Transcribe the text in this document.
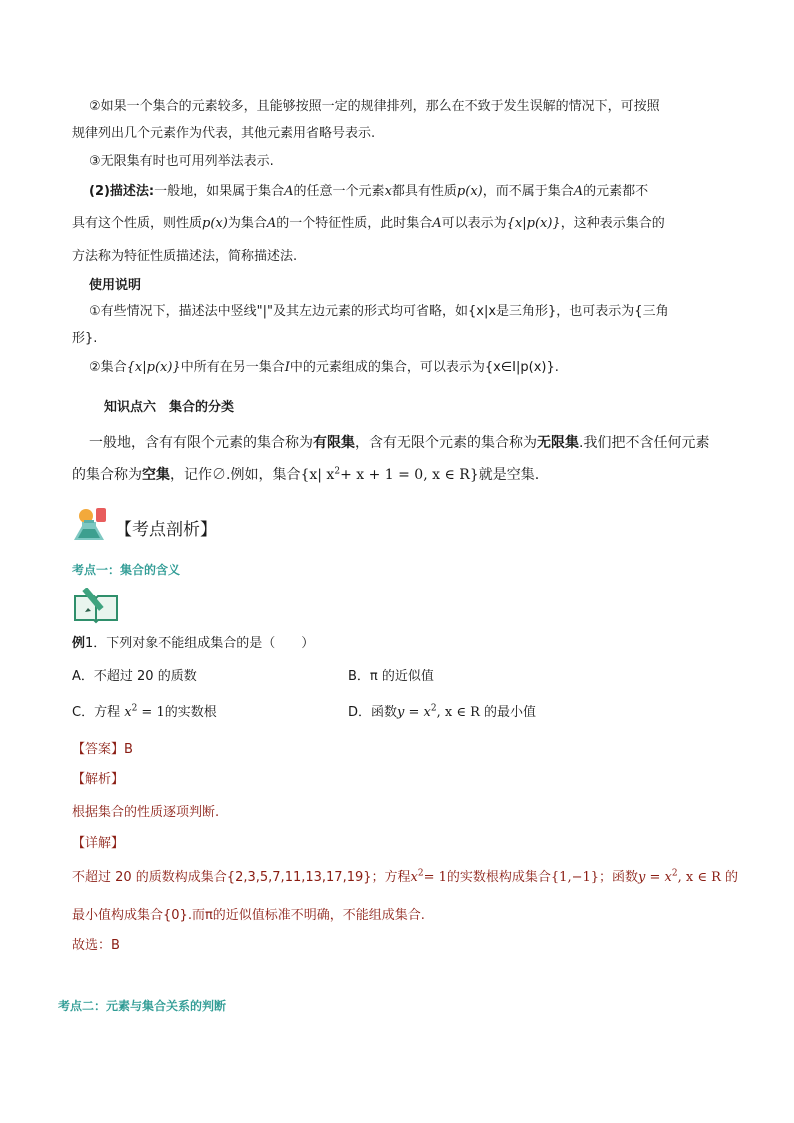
②如果一个集合的元素较多，且能够按照一定的规律排列，那么在不致于发生误解的情况下，可按照
规律列出几个元素作为代表，其他元素用省略号表示.
③无限集有时也可用列举法表示.
(2)描述法:一般地，如果属于集合A的任意一个元素x都具有性质p(x)，而不属于集合A的元素都不
具有这个性质，则性质p(x)为集合A的一个特征性质，此时集合A可以表示为{x|p(x)}，这种表示集合的
方法称为特征性质描述法，简称描述法.
使用说明
①有些情况下，描述法中竖线"|"及其左边元素的形式均可省略，如{x|x是三角形}，也可表示为{三角
形}.
②集合{x|p(x)}中所有在另一集合I中的元素组成的集合，可以表示为{x∈I|p(x)}.
知识点六　集合的分类
一般地，含有有限个元素的集合称为有限集，含有无限个元素的集合称为无限集.我们把不含任何元素
的集合称为空集，记作∅.例如，集合{x| $x^2+ x + 1 = 0$, x ∈ R}就是空集.
【考点剖析】
考点一：集合的含义
例1．下列对象不能组成集合的是（　　）
A．不超过 20 的质数	B．π 的近似值
C．方程 $x^2 = 1$的实数根	D．函数$y = x^2$, x ∈ R 的最小值
【答案】B
【解析】
根据集合的性质逐项判断.
【详解】
不超过 20 的质数构成集合{2,3,5,7,11,13,17,19}；方程$x^2= 1$的实数根构成集合{1,−1}；函数$y = x^2$, x ∈ R 的
最小值构成集合{0}.而π的近似值标准不明确，不能组成集合.
故选：B
考点二：元素与集合关系的判断
